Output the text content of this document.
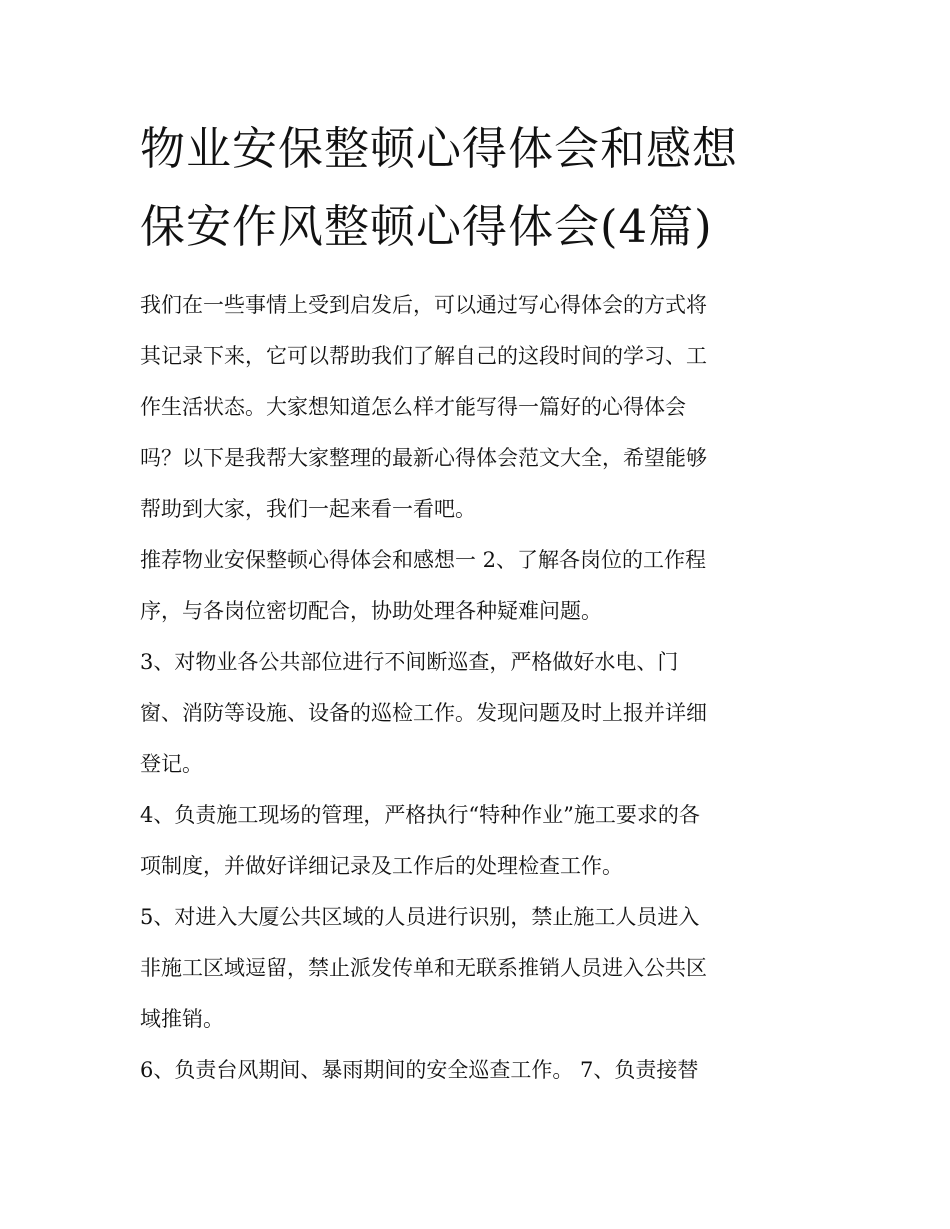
物业安保整顿心得体会和感想
保安作风整顿心得体会(4篇)
我们在一些事情上受到启发后，可以通过写心得体会的方式将
其记录下来，它可以帮助我们了解自己的这段时间的学习、工
作生活状态。大家想知道怎么样才能写得一篇好的心得体会
吗？以下是我帮大家整理的最新心得体会范文大全，希望能够
帮助到大家，我们一起来看一看吧。
推荐物业安保整顿心得体会和感想一 2、了解各岗位的工作程
序，与各岗位密切配合，协助处理各种疑难问题。
3、对物业各公共部位进行不间断巡查，严格做好水电、门
窗、消防等设施、设备的巡检工作。发现问题及时上报并详细
登记。
4、负责施工现场的管理，严格执行“特种作业”施工要求的各
项制度，并做好详细记录及工作后的处理检查工作。
5、对进入大厦公共区域的人员进行识别，禁止施工人员进入
非施工区域逗留，禁止派发传单和无联系推销人员进入公共区
域推销。
6、负责台风期间、暴雨期间的安全巡查工作。 7、负责接替
